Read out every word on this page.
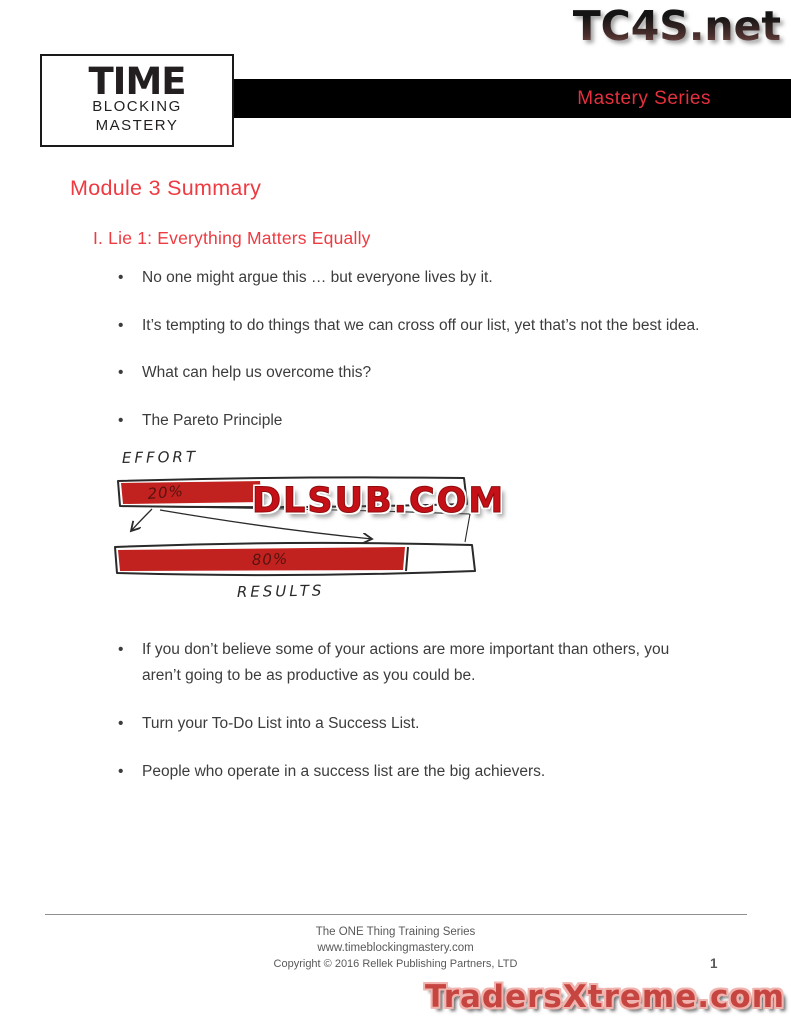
TC4S.net
Mastery Series
TIME
BLOCKING
MASTERY
Module 3 Summary
I. Lie 1: Everything Matters Equally
• No one might argue this … but everyone lives by it.
• It’s tempting to do things that we can cross off our list, yet that’s not the best idea.
• What can help us overcome this?
• The Pareto Principle
EFFORT
20%
80%
RESULTS
• If you don’t believe some of your actions are more important than others, you aren’t going to be as productive as you could be.
• Turn your To-Do List into a Success List.
• People who operate in a success list are the big achievers.
DLSUB.COM
The ONE Thing Training Series
www.timeblockingmastery.com
Copyright © 2016 Rellek Publishing Partners, LTD	1
TradersXtreme.com
